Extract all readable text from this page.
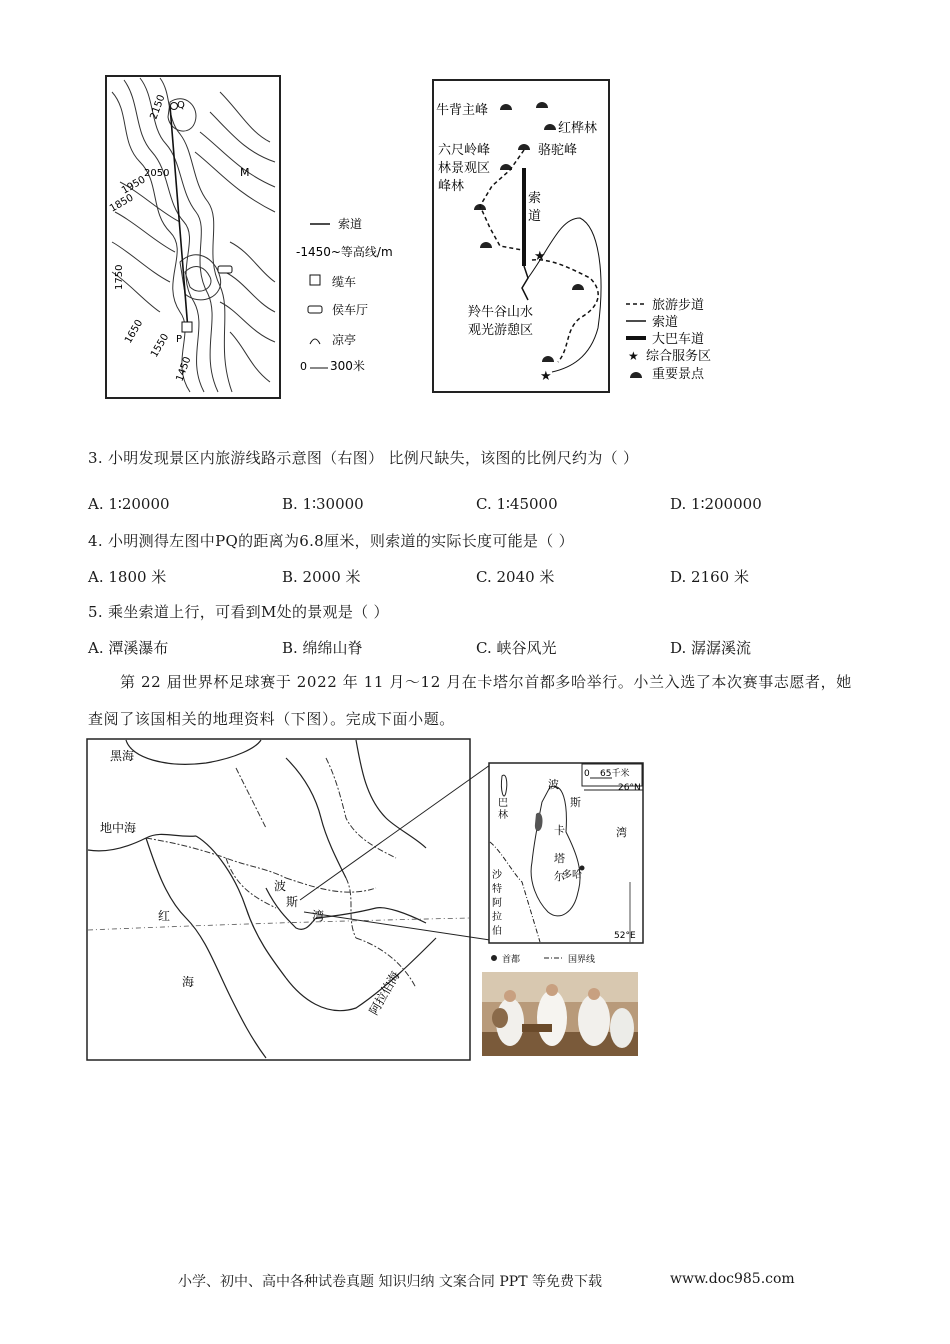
Q
M
P
2150
2050
1950
1850
1750
1650
1550
1450
索道
-1450~等高线/m
缆车
侯车厅
凉亭
0 300米
★
★
牛背主峰
红桦林
骆驼峰
六尺岭峰
林景观区
峰林
索
道
羚牛谷山水
观光游憩区
旅游步道
索道
大巴车道
★ 综合服务区
重要景点
3. 小明发现景区内旅游线路示意图（右图） 比例尺缺失，该图的比例尺约为（ ）
A. 1∶20000	B. 1∶30000	C. 1∶45000	D. 1∶200000
4. 小明测得左图中PQ的距离为6.8厘米，则索道的实际长度可能是（ ）
A. 1800 米	B. 2000 米	C. 2040 米	D. 2160 米
5. 乘坐索道上行，可看到M处的景观是（ ）
A. 潭溪瀑布	B. 绵绵山脊	C. 峡谷风光	D. 潺潺溪流
第 22 届世界杯足球赛于 2022 年 11 月～12 月在卡塔尔首都多哈举行。小兰入选了本次赛事志愿者，她
查阅了该国相关的地理资料（下图）。完成下面小题。
黑海
地中海
红
海
波
斯
湾
阿拉伯海
0 65千米
波
斯
湾
26°N
巴
林
卡
塔
尔
多哈
沙
特
阿
拉
伯	52°E
首都	国界线
小学、初中、高中各种试卷真题 知识归纳 文案合同 PPT 等免费下载	www.doc985.com
